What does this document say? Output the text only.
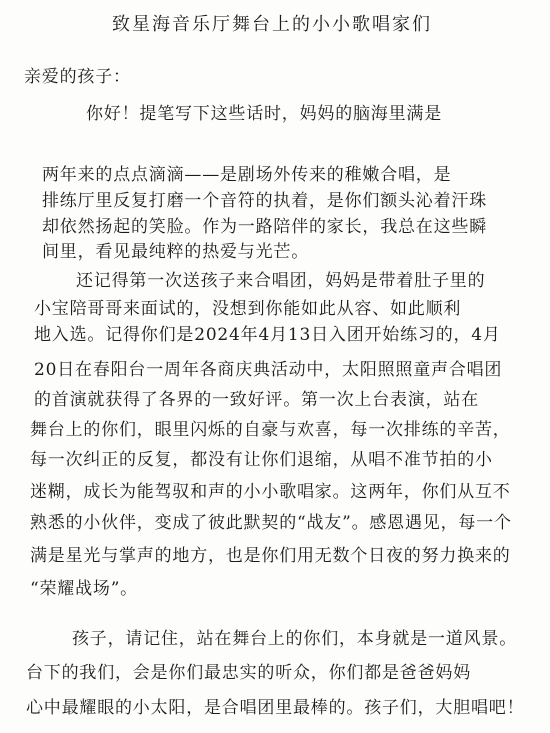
致星海音乐厅舞台上的小小歌唱家们
亲爱的孩子：
你好！提笔写下这些话时，妈妈的脑海里满是
两年来的点点滴滴——是剧场外传来的稚嫩合唱，是
排练厅里反复打磨一个音符的执着，是你们额头沁着汗珠
却依然扬起的笑脸。作为一路陪伴的家长，我总在这些瞬
间里，看见最纯粹的热爱与光芒。
还记得第一次送孩子来合唱团，妈妈是带着肚子里的
小宝陪哥哥来面试的，没想到你能如此从容、如此顺利
地入选。记得你们是2024年4月13日入团开始练习的，4月
20日在春阳台一周年各商庆典活动中，太阳照照童声合唱团
的首演就获得了各界的一致好评。第一次上台表演，站在
舞台上的你们，眼里闪烁的自豪与欢喜，每一次排练的辛苦，
每一次纠正的反复，都没有让你们退缩，从唱不准节拍的小
迷糊，成长为能驾驭和声的小小歌唱家。这两年，你们从互不
熟悉的小伙伴，变成了彼此默契的“战友”。感恩遇见，每一个
满是星光与掌声的地方，也是你们用无数个日夜的努力换来的
“荣耀战场”。
孩子，请记住，站在舞台上的你们，本身就是一道风景。
台下的我们，会是你们最忠实的听众，你们都是爸爸妈妈
心中最耀眼的小太阳，是合唱团里最棒的。孩子们，大胆唱吧！
